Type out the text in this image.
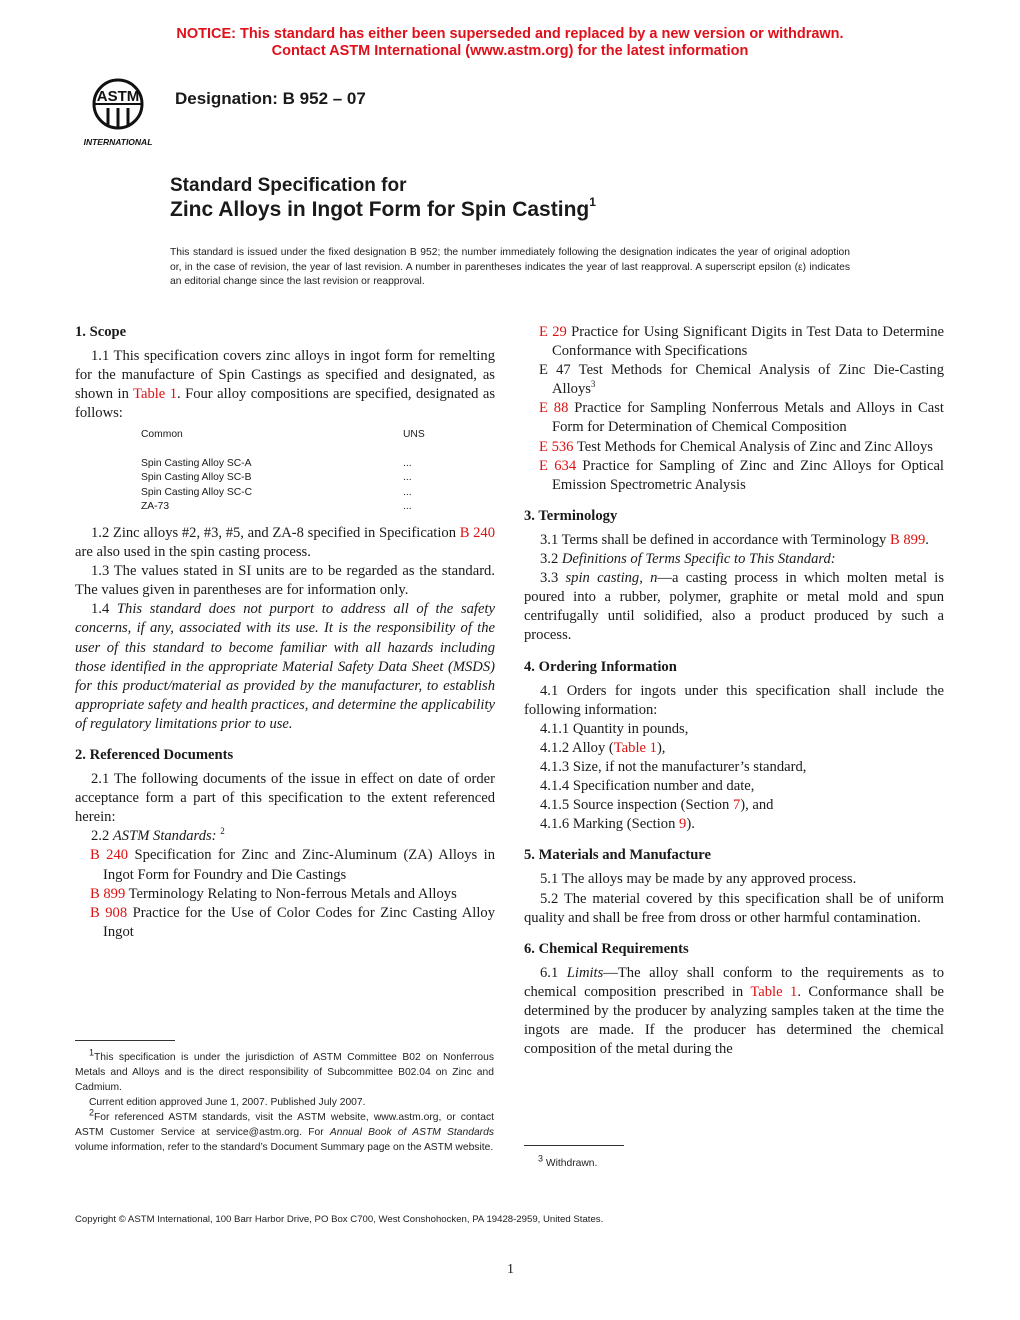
NOTICE: This standard has either been superseded and replaced by a new version or withdrawn.
Contact ASTM International (www.astm.org) for the latest information
ASTM
INTERNATIONAL
Designation: B 952 – 07
Standard Specification for
Zinc Alloys in Ingot Form for Spin Casting$^1$
This standard is issued under the fixed designation B 952; the number immediately following the designation indicates the year of original adoption or, in the case of revision, the year of last revision. A number in parentheses indicates the year of last reapproval. A superscript epsilon (ε) indicates an editorial change since the last revision or reapproval.
1. Scope

1.1 This specification covers zinc alloys in ingot form for remelting for the manufacture of Spin Castings as specified and designated, as shown in Table 1. Four alloy compositions are specified, designated as follows:

Common	UNS

Spin Casting Alloy SC-A	...
Spin Casting Alloy SC-B	...
Spin Casting Alloy SC-C	...
ZA-73	...

1.2 Zinc alloys #2, #3, #5, and ZA-8 specified in Specification B 240 are also used in the spin casting process.

1.3 The values stated in SI units are to be regarded as the standard. The values given in parentheses are for information only.

1.4 This standard does not purport to address all of the safety concerns, if any, associated with its use. It is the responsibility of the user of this standard to become familiar with all hazards including those identified in the appropriate Material Safety Data Sheet (MSDS) for this product/material as provided by the manufacturer, to establish appropriate safety and health practices, and determine the applicability of regulatory limitations prior to use.

2. Referenced Documents

2.1 The following documents of the issue in effect on date of order acceptance form a part of this specification to the extent referenced herein:

2.2 ASTM Standards: $^2$

B 240 Specification for Zinc and Zinc-Aluminum (ZA) Alloys in Ingot Form for Foundry and Die Castings

B 899 Terminology Relating to Non-ferrous Metals and Alloys

B 908 Practice for the Use of Color Codes for Zinc Casting Alloy Ingot

E 29 Practice for Using Significant Digits in Test Data to Determine Conformance with Specifications

E 47 Test Methods for Chemical Analysis of Zinc Die-Casting Alloys$^3$

E 88 Practice for Sampling Nonferrous Metals and Alloys in Cast Form for Determination of Chemical Composition

E 536 Test Methods for Chemical Analysis of Zinc and Zinc Alloys

E 634 Practice for Sampling of Zinc and Zinc Alloys for Optical Emission Spectrometric Analysis

3. Terminology

3.1 Terms shall be defined in accordance with Terminology B 899.

3.2 Definitions of Terms Specific to This Standard:

3.3 spin casting, n—a casting process in which molten metal is poured into a rubber, polymer, graphite or metal mold and spun centrifugally until solidified, also a product produced by such a process.

4. Ordering Information

4.1 Orders for ingots under this specification shall include the following information:

4.1.1 Quantity in pounds,

4.1.2 Alloy (Table 1),

4.1.3 Size, if not the manufacturer’s standard,

4.1.4 Specification number and date,

4.1.5 Source inspection (Section 7), and

4.1.6 Marking (Section 9).

5. Materials and Manufacture

5.1 The alloys may be made by any approved process.

5.2 The material covered by this specification shall be of uniform quality and shall be free from dross or other harmful contamination.

6. Chemical Requirements

6.1 Limits—The alloy shall conform to the requirements as to chemical composition prescribed in Table 1. Conformance shall be determined by the producer by analyzing samples taken at the time the ingots are made. If the producer has determined the chemical composition of the metal during the

$^1$This specification is under the jurisdiction of ASTM Committee B02 on Nonferrous Metals and Alloys and is the direct responsibility of Subcommittee B02.04 on Zinc and Cadmium.

Current edition approved June 1, 2007. Published July 2007.

$^2$For referenced ASTM standards, visit the ASTM website, www.astm.org, or contact ASTM Customer Service at service@astm.org. For Annual Book of ASTM Standards volume information, refer to the standard’s Document Summary page on the ASTM website.

$^3$ Withdrawn.

Copyright © ASTM International, 100 Barr Harbor Drive, PO Box C700, West Conshohocken, PA 19428-2959, United States.
1
